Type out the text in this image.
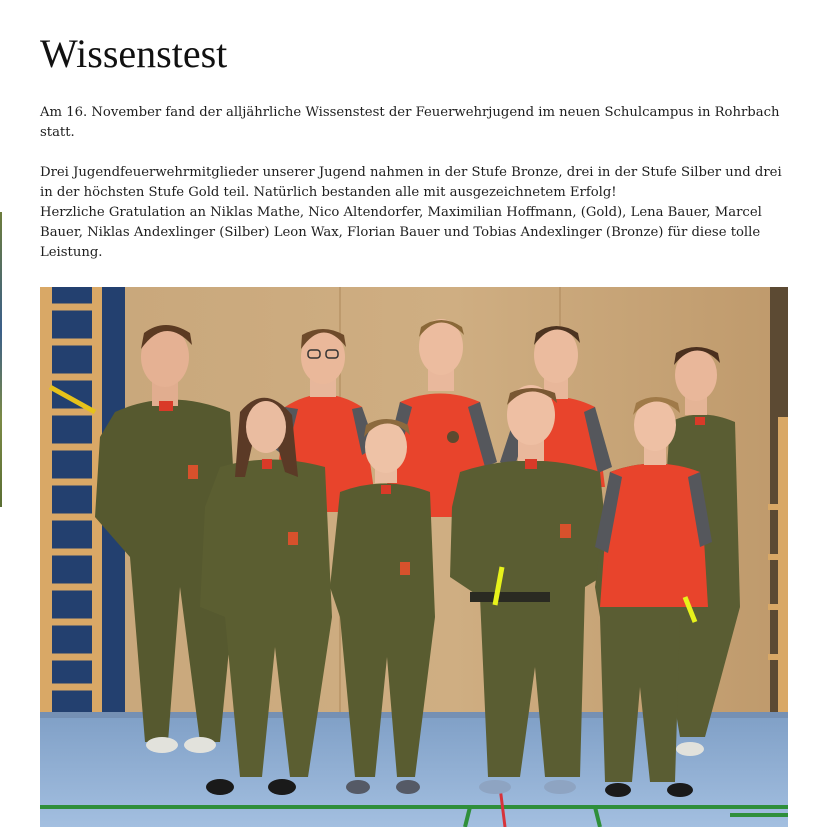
Wissenstest

Am 16. November fand der alljährliche Wissenstest der Feuerwehrjugend im neuen Schulcampus in Rohrbach statt.

Drei Jugendfeuerwehrmitglieder unserer Jugend nahmen in der Stufe Bronze, drei in der Stufe Silber und drei in der höchsten Stufe Gold teil. Natürlich bestanden alle mit ausgezeichnetem Erfolg!

Herzliche Gratulation an Niklas Mathe, Nico Altendorfer, Maximilian Hoffmann, (Gold), Lena Bauer, Marcel Bauer, Niklas Andexlinger (Silber) Leon Wax, Florian Bauer und Tobias Andexlinger (Bronze) für diese tolle Leistung.
